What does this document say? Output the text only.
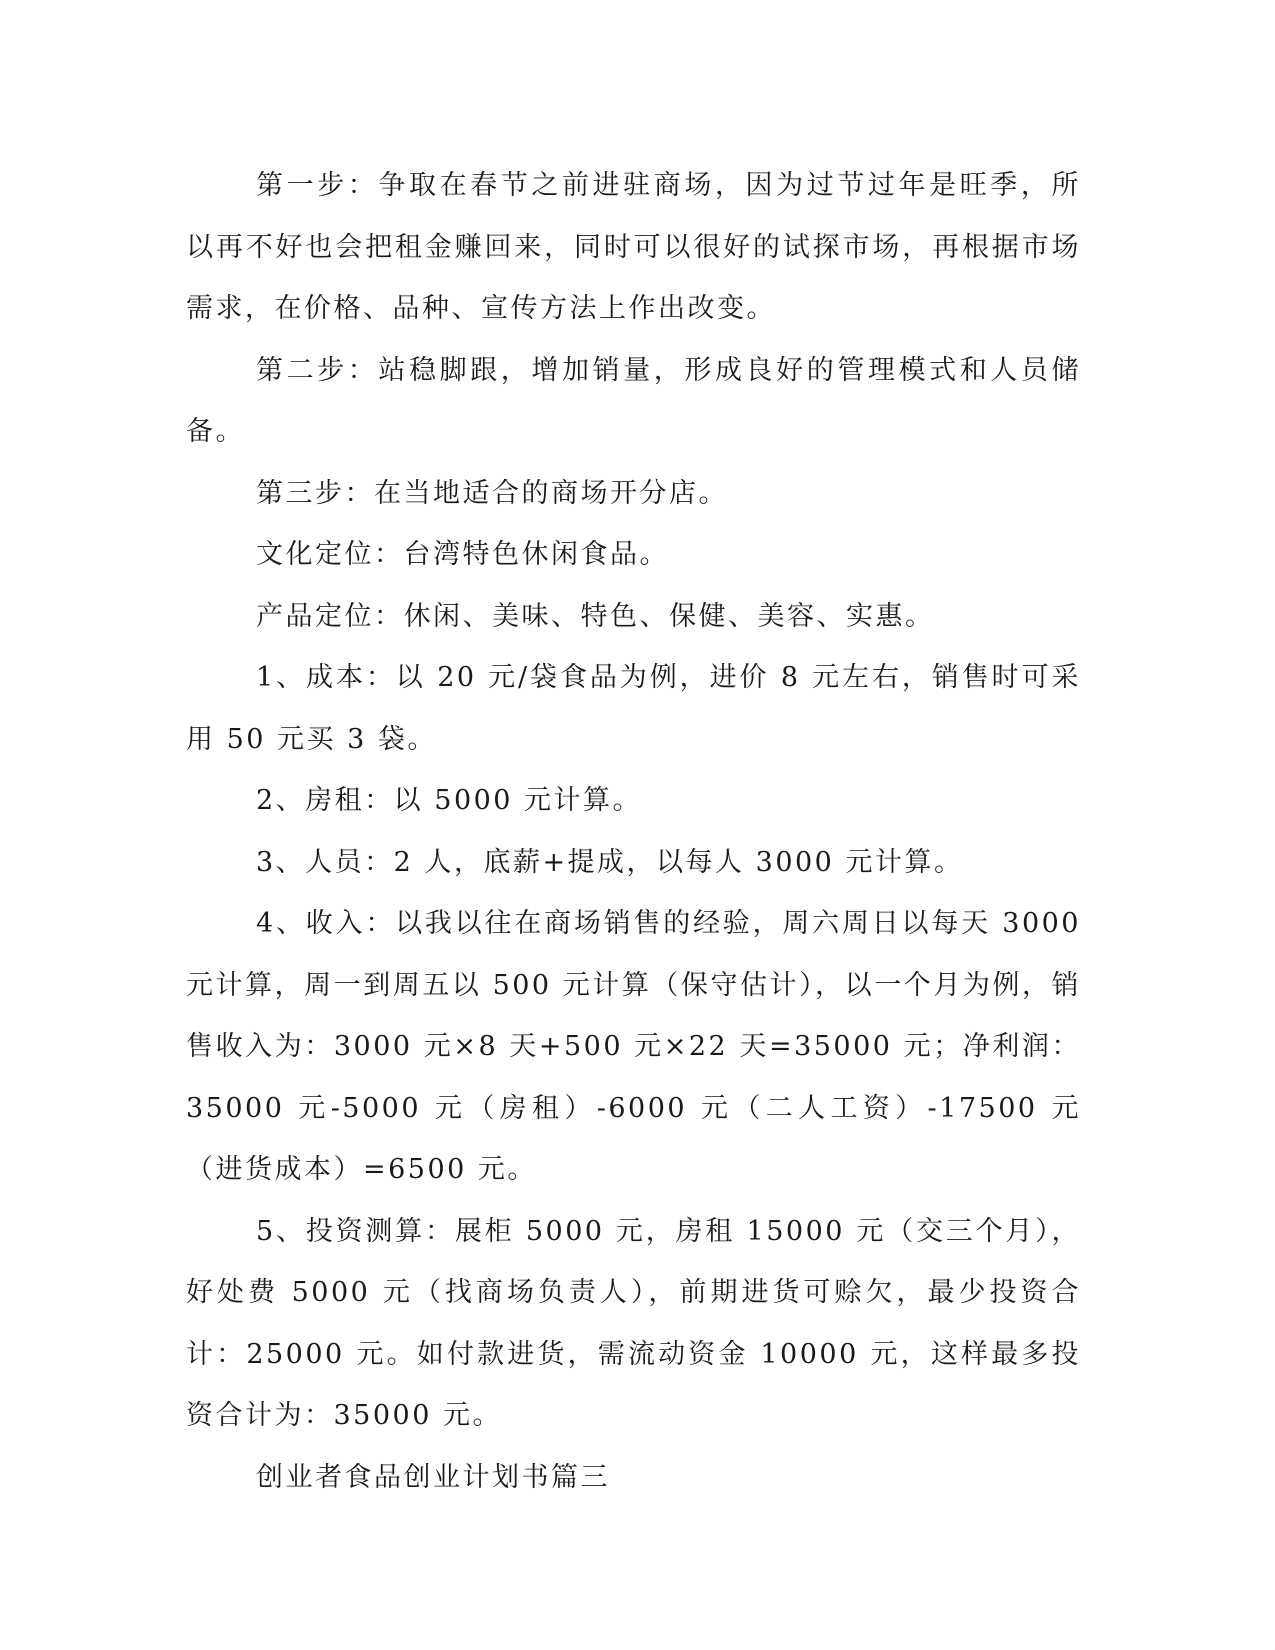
第一步：争取在春节之前进驻商场，因为过节过年是旺季，所以再不好也会把租金赚回来，同时可以很好的试探市场，再根据市场需求，在价格、品种、宣传方法上作出改变。

第二步：站稳脚跟，增加销量，形成良好的管理模式和人员储备。

第三步：在当地适合的商场开分店。

文化定位：台湾特色休闲食品。

产品定位：休闲、美味、特色、保健、美容、实惠。

1、成本：以 20 元/袋食品为例，进价 8 元左右，销售时可采用 50 元买 3 袋。

2、房租：以 5000 元计算。

3、人员：2 人，底薪+提成，以每人 3000 元计算。

4、收入：以我以往在商场销售的经验，周六周日以每天 3000 元计算，周一到周五以 500 元计算（保守估计），以一个月为例，销售收入为：3000 元×8 天+500 元×22 天=35000 元；净利润：35000 元-5000 元（房租）-6000 元（二人工资）-17500 元（进货成本）=6500 元。

5、投资测算：展柜 5000 元，房租 15000 元（交三个月），好处费 5000 元（找商场负责人），前期进货可赊欠，最少投资合计：25000 元。如付款进货，需流动资金 10000 元，这样最多投资合计为：35000 元。

创业者食品创业计划书篇三
